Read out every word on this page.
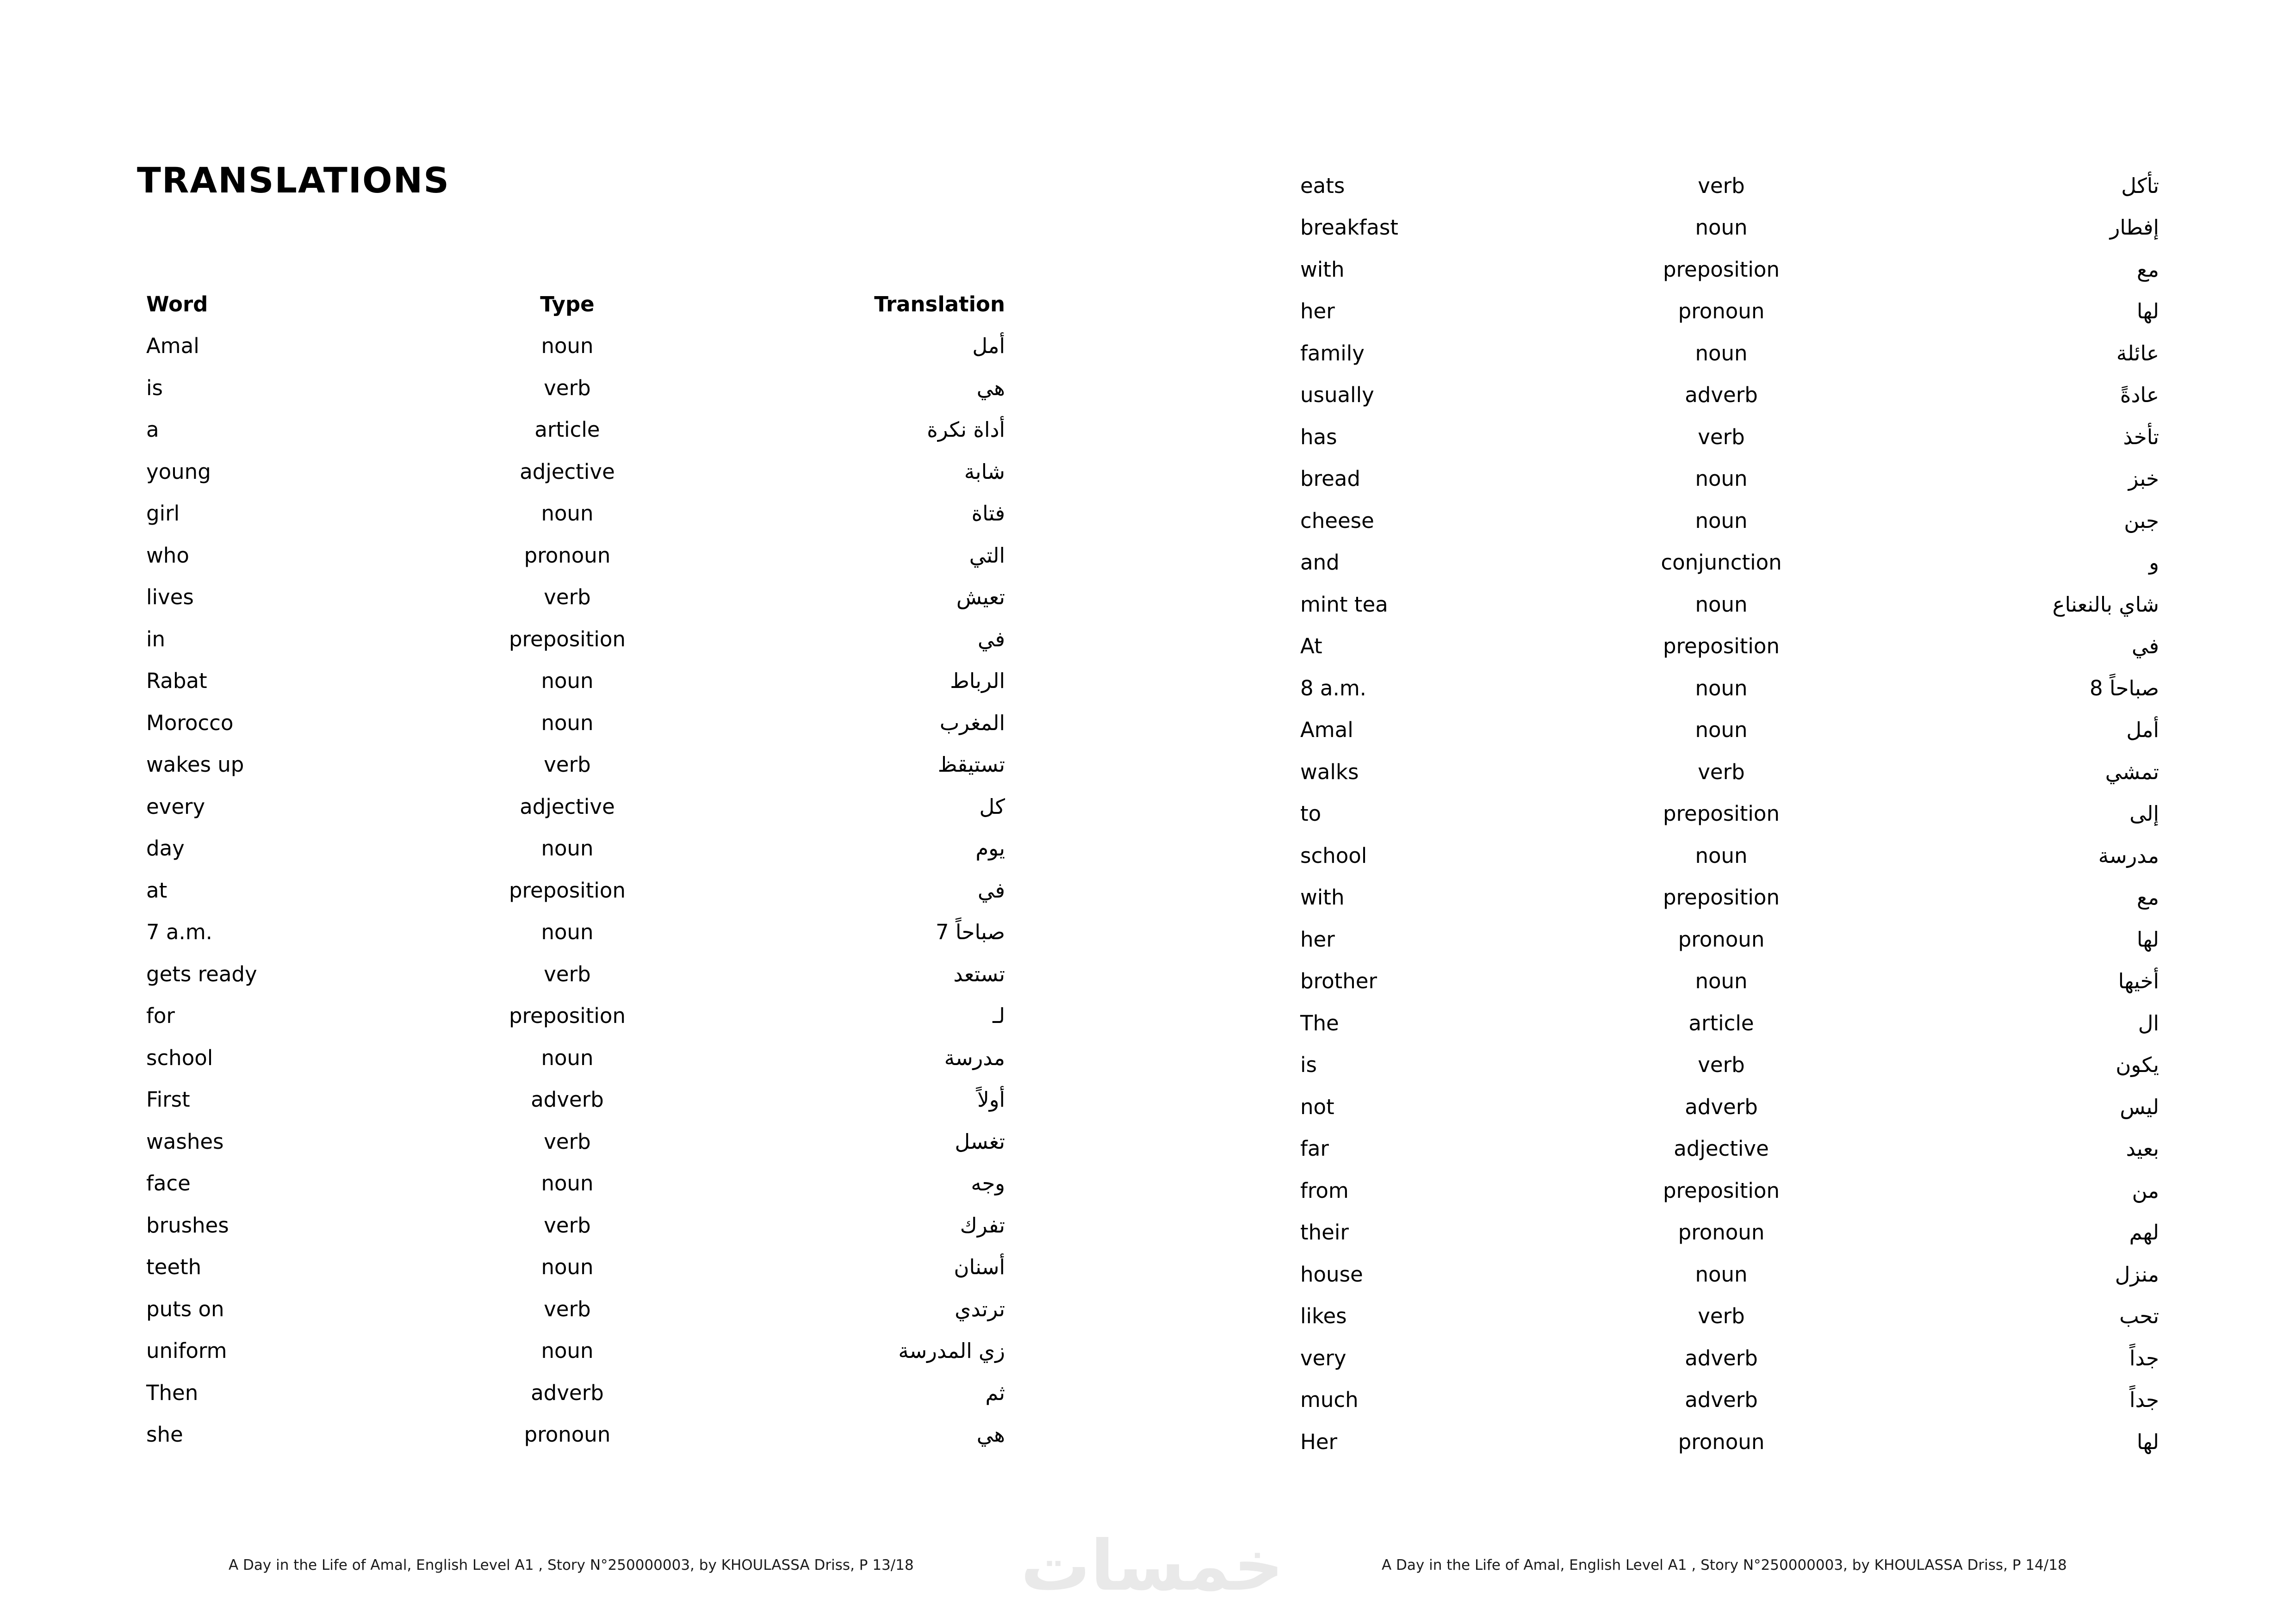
TRANSLATIONS
Word	Type	Translation
Amal	noun	أمل
is	verb	هي
a	article	أداة نكرة
young	adjective	شابة
girl	noun	فتاة
who	pronoun	التي
lives	verb	تعيش
in	preposition	في
Rabat	noun	الرباط
Morocco	noun	المغرب
wakes up	verb	تستيقظ
every	adjective	كل
day	noun	يوم
at	preposition	في
7 a.m.	noun	صباحاً 7
gets ready	verb	تستعد
for	preposition	لـ
school	noun	مدرسة
First	adverb	أولاً
washes	verb	تغسل
face	noun	وجه
brushes	verb	تفرك
teeth	noun	أسنان
puts on	verb	ترتدي
uniform	noun	زي المدرسة
Then	adverb	ثم
she	pronoun	هي
eats	verb	تأكل
breakfast	noun	إفطار
with	preposition	مع
her	pronoun	لها
family	noun	عائلة
usually	adverb	عادةً
has	verb	تأخذ
bread	noun	خبز
cheese	noun	جبن
and	conjunction	و
mint tea	noun	شاي بالنعناع
At	preposition	في
8 a.m.	noun	صباحاً 8
Amal	noun	أمل
walks	verb	تمشي
to	preposition	إلى
school	noun	مدرسة
with	preposition	مع
her	pronoun	لها
brother	noun	أخيها
The	article	ال
is	verb	يكون
not	adverb	ليس
far	adjective	بعيد
from	preposition	من
their	pronoun	لهم
house	noun	منزل
likes	verb	تحب
very	adverb	جداً
much	adverb	جداً
Her	pronoun	لها
A Day in the Life of Amal, English Level A1 , Story N°250000003, by KHOULASSA Driss, P 13/18 خمسات	A Day in the Life of Amal, English Level A1 , Story N°250000003, by KHOULASSA Driss, P 14/18
